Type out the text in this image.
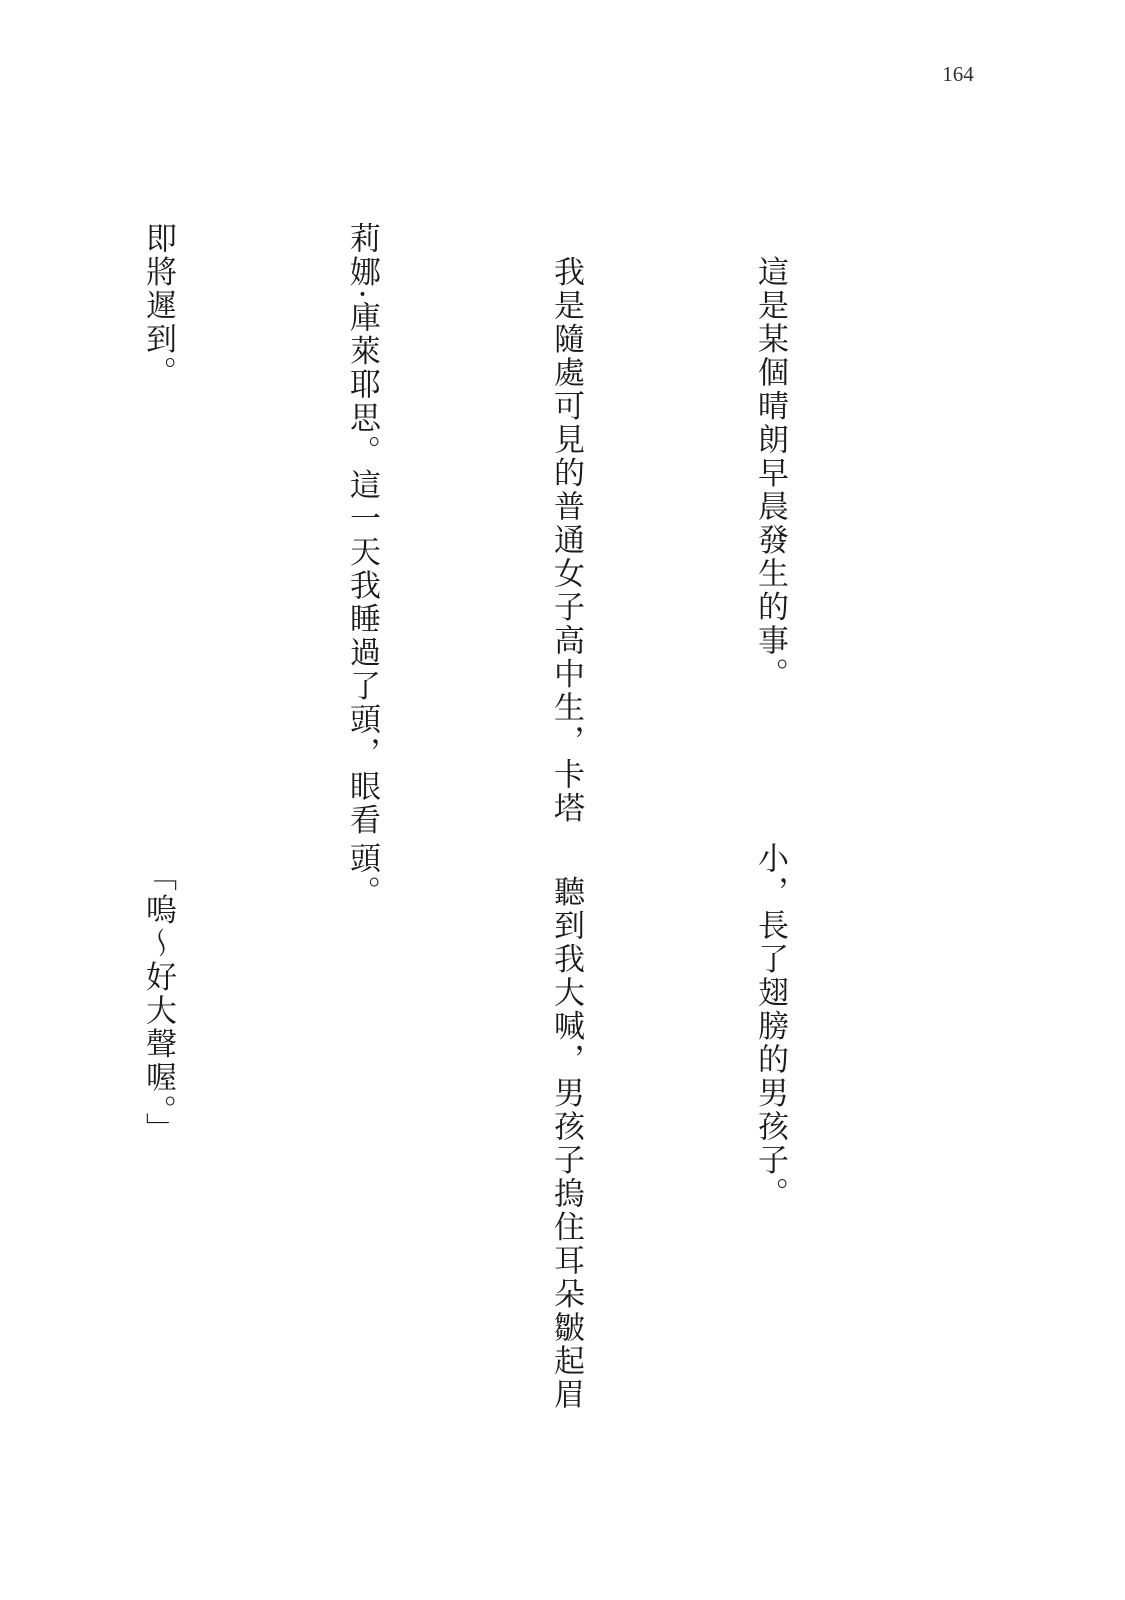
164

　這是某個晴朗早晨發生的事。

　我是隨處可見的普通女子高中生，卡塔

莉娜·庫萊耶思。這一天我睡過了頭，眼看

即將遲到。

小，長了翅膀的男孩子。

　聽到我大喊，男孩子摀住耳朵皺起眉

頭。

　「嗚～好大聲喔。」
